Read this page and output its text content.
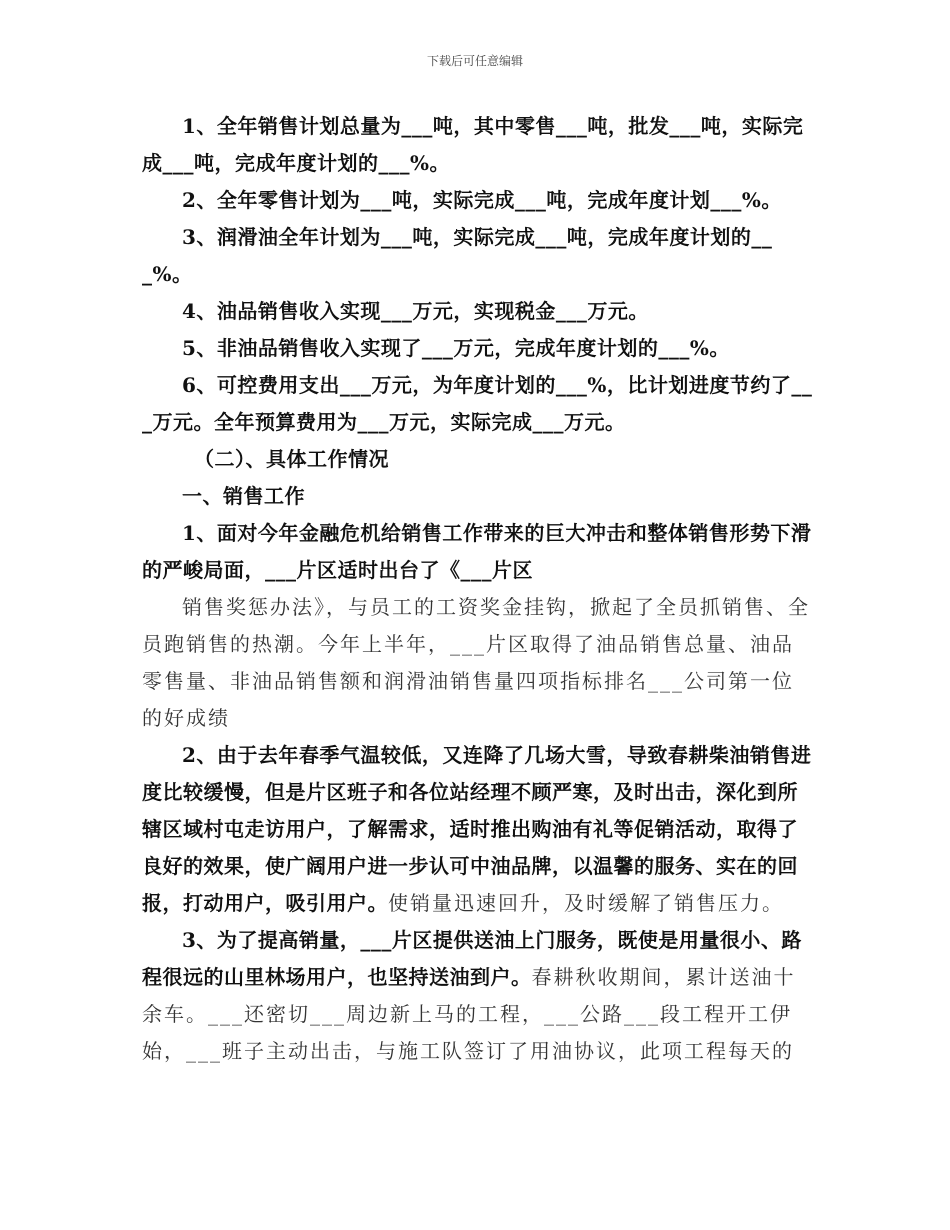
下载后可任意编辑

1、全年销售计划总量为___吨，其中零售___吨，批发___吨，实际完成___吨，完成年度计划的___%。

2、全年零售计划为___吨，实际完成___吨，完成年度计划___%。

3、润滑油全年计划为___吨，实际完成___吨，完成年度计划的___%。

4、油品销售收入实现___万元，实现税金___万元。

5、非油品销售收入实现了___万元，完成年度计划的___%。

6、可控费用支出___万元，为年度计划的___%，比计划进度节约了___万元。全年预算费用为___万元，实际完成___万元。

（二）、具体工作情况

一、销售工作

1、面对今年金融危机给销售工作带来的巨大冲击和整体销售形势下滑的严峻局面，___片区适时出台了《___片区

销售奖惩办法》，与员工的工资奖金挂钩，掀起了全员抓销售、全员跑销售的热潮。今年上半年，___片区取得了油品销售总量、油品零售量、非油品销售额和润滑油销售量四项指标排名___公司第一位的好成绩

2、由于去年春季气温较低，又连降了几场大雪，导致春耕柴油销售进度比较缓慢，但是片区班子和各位站经理不顾严寒，及时出击，深化到所辖区域村屯走访用户，了解需求，适时推出购油有礼等促销活动，取得了良好的效果，使广阔用户进一步认可中油品牌，以温馨的服务、实在的回报，打动用户，吸引用户。使销量迅速回升，及时缓解了销售压力。

3、为了提高销量，___片区提供送油上门服务，既使是用量很小、路程很远的山里林场用户，也坚持送油到户。春耕秋收期间，累计送油十余车。___还密切___周边新上马的工程，___公路___段工程开工伊始，___班子主动出击，与施工队签订了用油协议，此项工程每天的
